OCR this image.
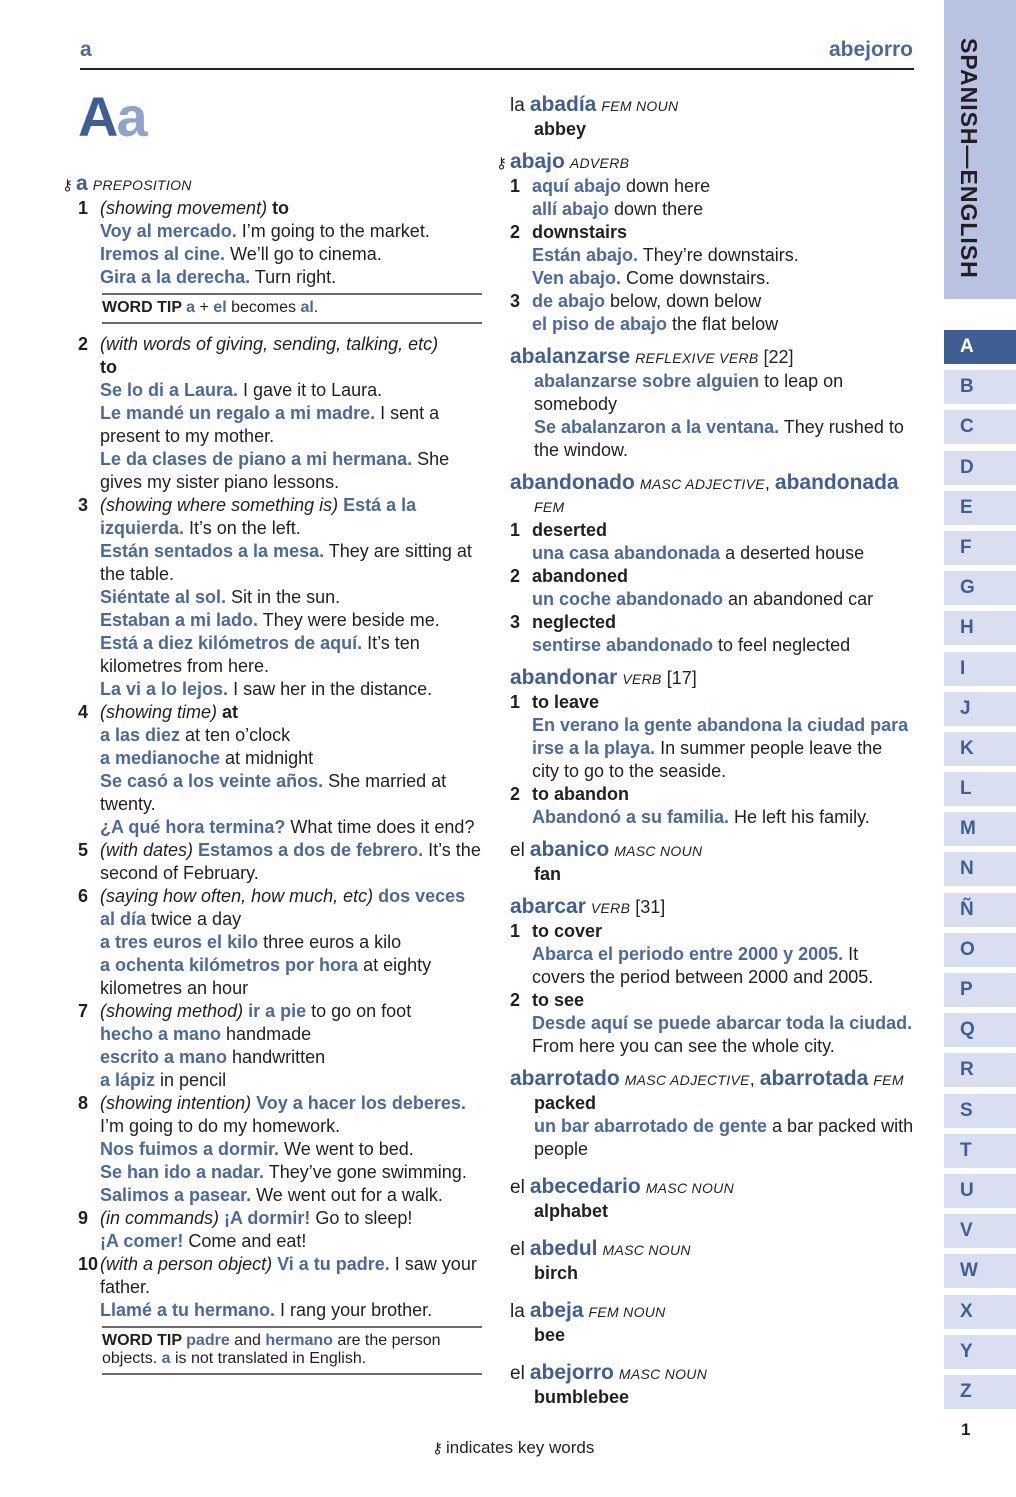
a	abejorro
Aa
⚷ a PREPOSITION
1 (showing movement) to
Voy al mercado. I’m going to the market.
Iremos al cine. We’ll go to cinema.
Gira a la derecha. Turn right.
WORD TIP a + el becomes al.
2 (with words of giving, sending, talking, etc)
to
Se lo di a Laura. I gave it to Laura.
Le mandé un regalo a mi madre. I sent a present to my mother.
Le da clases de piano a mi hermana. She gives my sister piano lessons.
3 (showing where something is) Está a la izquierda. It’s on the left.
Están sentados a la mesa. They are sitting at the table.
Siéntate al sol. Sit in the sun.
Estaban a mi lado. They were beside me.
Está a diez kilómetros de aquí. It’s ten kilometres from here.
La vi a lo lejos. I saw her in the distance.
4 (showing time) at
a las diez at ten o’clock
a medianoche at midnight
Se casó a los veinte años. She married at twenty.
¿A qué hora termina? What time does it end?
5 (with dates) Estamos a dos de febrero. It’s the second of February.
6 (saying how often, how much, etc) dos veces al día twice a day
a tres euros el kilo three euros a kilo
a ochenta kilómetros por hora at eighty kilometres an hour
7 (showing method) ir a pie to go on foot
hecho a mano handmade
escrito a mano handwritten
a lápiz in pencil
8 (showing intention) Voy a hacer los deberes. I’m going to do my homework.
Nos fuimos a dormir. We went to bed.
Se han ido a nadar. They’ve gone swimming.
Salimos a pasear. We went out for a walk.
9 (in commands) ¡A dormir! Go to sleep!
¡A comer! Come and eat!
10 (with a person object) Vi a tu padre. I saw your father.
Llamé a tu hermano. I rang your brother.
WORD TIP padre and hermano are the person objects. a is not translated in English.
la abadía FEM NOUN
abbey
⚷ abajo ADVERB
1 aquí abajo down here
allí abajo down there
2 downstairs
Están abajo. They’re downstairs.
Ven abajo. Come downstairs.
3 de abajo below, down below
el piso de abajo the flat below
abalanzarse REFLEXIVE VERB [22]
abalanzarse sobre alguien to leap on somebody
Se abalanzaron a la ventana. They rushed to the window.
abandonado MASC ADJECTIVE, abandonada
FEM
1 deserted
una casa abandonada a deserted house
2 abandoned
un coche abandonado an abandoned car
3 neglected
sentirse abandonado to feel neglected
abandonar VERB [17]
1 to leave
En verano la gente abandona la ciudad para irse a la playa. In summer people leave the city to go to the seaside.
2 to abandon
Abandonó a su familia. He left his family.
el abanico MASC NOUN
fan
abarcar VERB [31]
1 to cover
Abarca el periodo entre 2000 y 2005. It covers the period between 2000 and 2005.
2 to see
Desde aquí se puede abarcar toda la ciudad. From here you can see the whole city.
abarrotado MASC ADJECTIVE, abarrotada FEM
packed
un bar abarrotado de gente a bar packed with people
el abecedario MASC NOUN
alphabet
el abedul MASC NOUN
birch
la abeja FEM NOUN
bee
el abejorro MASC NOUN
bumblebee
SPANISH—ENGLISH
A
B
C
D
E
F
G
H
I
J
K
L
M
N
Ñ
O
P
Q
R
S
T
U
V
W
X
Y
Z
1
⚷ indicates key words
